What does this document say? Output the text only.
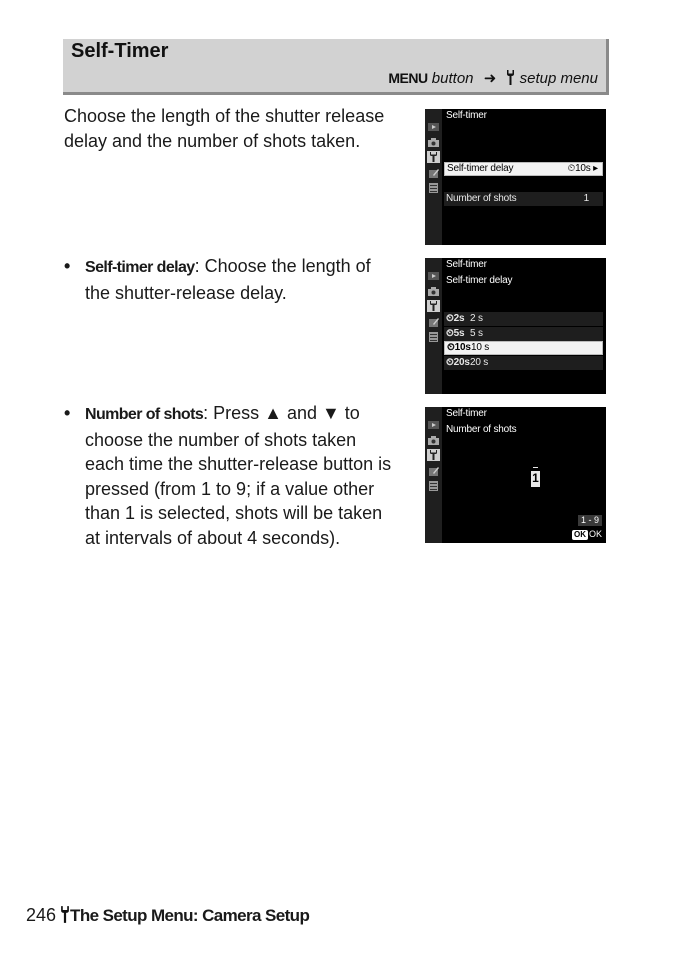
Self-Timer
MENU button ➜ setup menu
Choose the length of the shutter release
delay and the number of shots taken.
• Self-timer delay: Choose the length of
the shutter-release delay.
• Number of shots: Press ▲ and ▼ to
choose the number of shots taken
each time the shutter-release button is
pressed (from 1 to 9; if a value other
than 1 is selected, shots will be taken
at intervals of about 4 seconds).
Self-timer
Self-timer delay	⏲10s ▸
Number of shots	1
Self-timer
Self-timer delay
⏲2s 2 s
⏲5s 5 s
⏲10s 10 s
⏲20s 20 s
Self-timer
Number of shots
1
1 - 9
OK OK
246 The Setup Menu: Camera Setup
